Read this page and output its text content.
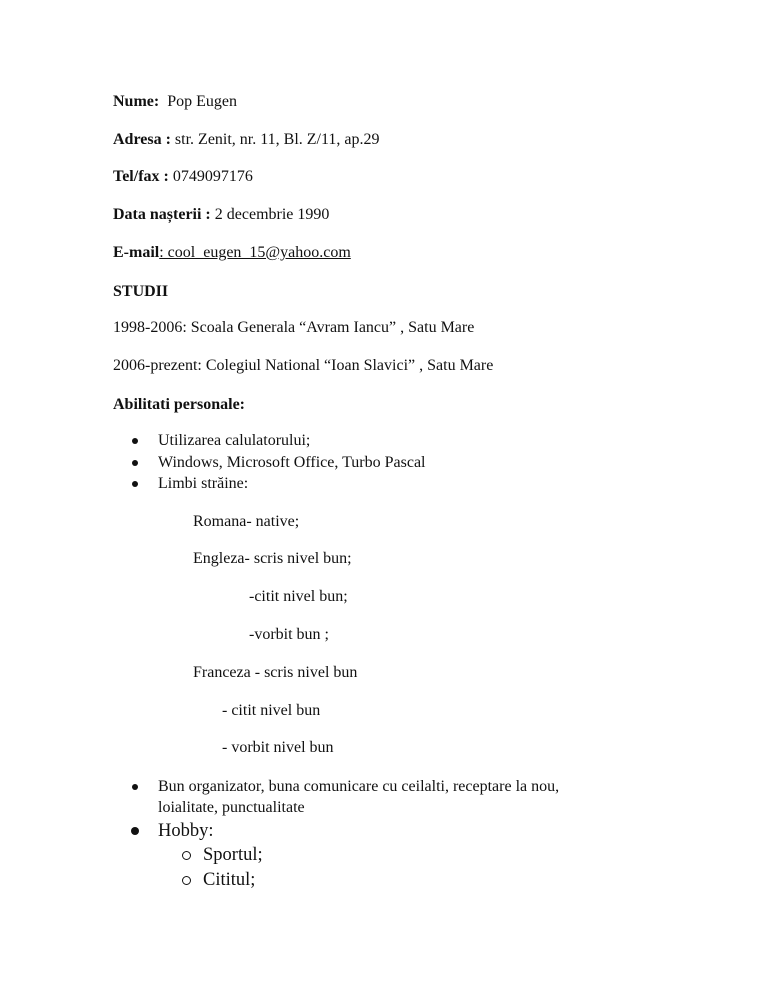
Nume: Pop Eugen
Adresa : str. Zenit, nr. 11, Bl. Z/11, ap.29
Tel/fax : 0749097176
Data nașterii : 2 decembrie 1990
E-mail: cool_eugen_15@yahoo.com
STUDII
1998-2006: Scoala Generala “Avram Iancu” , Satu Mare
2006-prezent: Colegiul National “Ioan Slavici” , Satu Mare
Abilitati personale:
Utilizarea calulatorului;
Windows, Microsoft Office, Turbo Pascal
Limbi străine:
Romana- native;
Engleza- scris nivel bun;
-citit nivel bun;
-vorbit bun ;
Franceza - scris nivel bun
- citit nivel bun
- vorbit nivel bun
Bun organizator, buna comunicare cu ceilalti, receptare la nou,
loialitate, punctualitate
Hobby:
Sportul;
Cititul;
